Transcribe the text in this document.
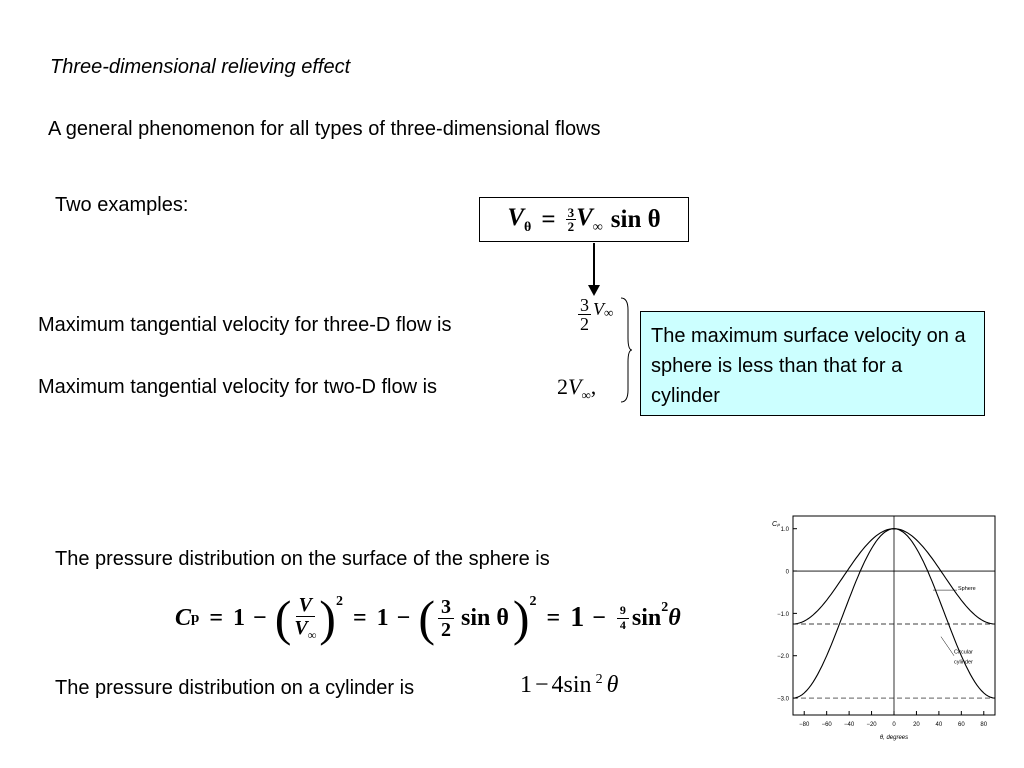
Three-dimensional relieving effect
A general phenomenon for all types of three-dimensional flows
Two examples:	$V_\theta = \frac{3}{2} V_\infty$ sin θ
Maximum tangential velocity for three-D flow is	$\frac{3}{2}$ V ∞
Maximum tangential velocity for two-D flow is	$2V_\infty$,
The maximum surface velocity on a sphere is less than that for a cylinder
The pressure distribution on the surface of the sphere is
C p = 1 − ( V
$V_\infty$ )$^2$
= 1 − ( 3
2 sin θ )$^2$
= $1 - \frac{9}{4} \sin^2 \theta$
The pressure distribution on a cylinder is	1 − 4sin $^2$ θ
1.0
0
−1.0
−2.0
−3.0
−80 −60 −40 −20	0	20	40	60	80
Cₚ
θ, degrees
Sphere
Circular
cylinder
